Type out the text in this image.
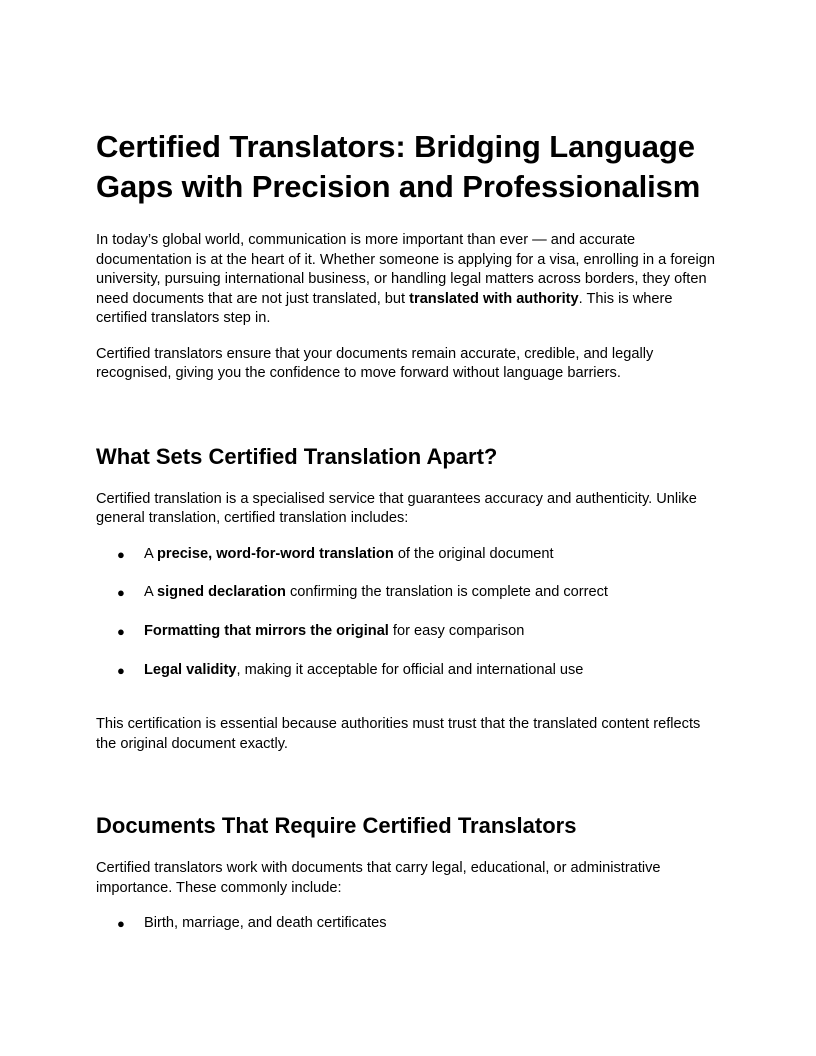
Certified Translators: Bridging Language Gaps with Precision and Professionalism

In today’s global world, communication is more important than ever — and accurate documentation is at the heart of it. Whether someone is applying for a visa, enrolling in a foreign university, pursuing international business, or handling legal matters across borders, they often need documents that are not just translated, but translated with authority. This is where certified translators step in.

Certified translators ensure that your documents remain accurate, credible, and legally recognised, giving you the confidence to move forward without language barriers.

What Sets Certified Translation Apart?

Certified translation is a specialised service that guarantees accuracy and authenticity. Unlike general translation, certified translation includes:

● A precise, word-for-word translation of the original document
● A signed declaration confirming the translation is complete and correct
● Formatting that mirrors the original for easy comparison
● Legal validity, making it acceptable for official and international use

This certification is essential because authorities must trust that the translated content reflects the original document exactly.

Documents That Require Certified Translators

Certified translators work with documents that carry legal, educational, or administrative importance. These commonly include:

● Birth, marriage, and death certificates
